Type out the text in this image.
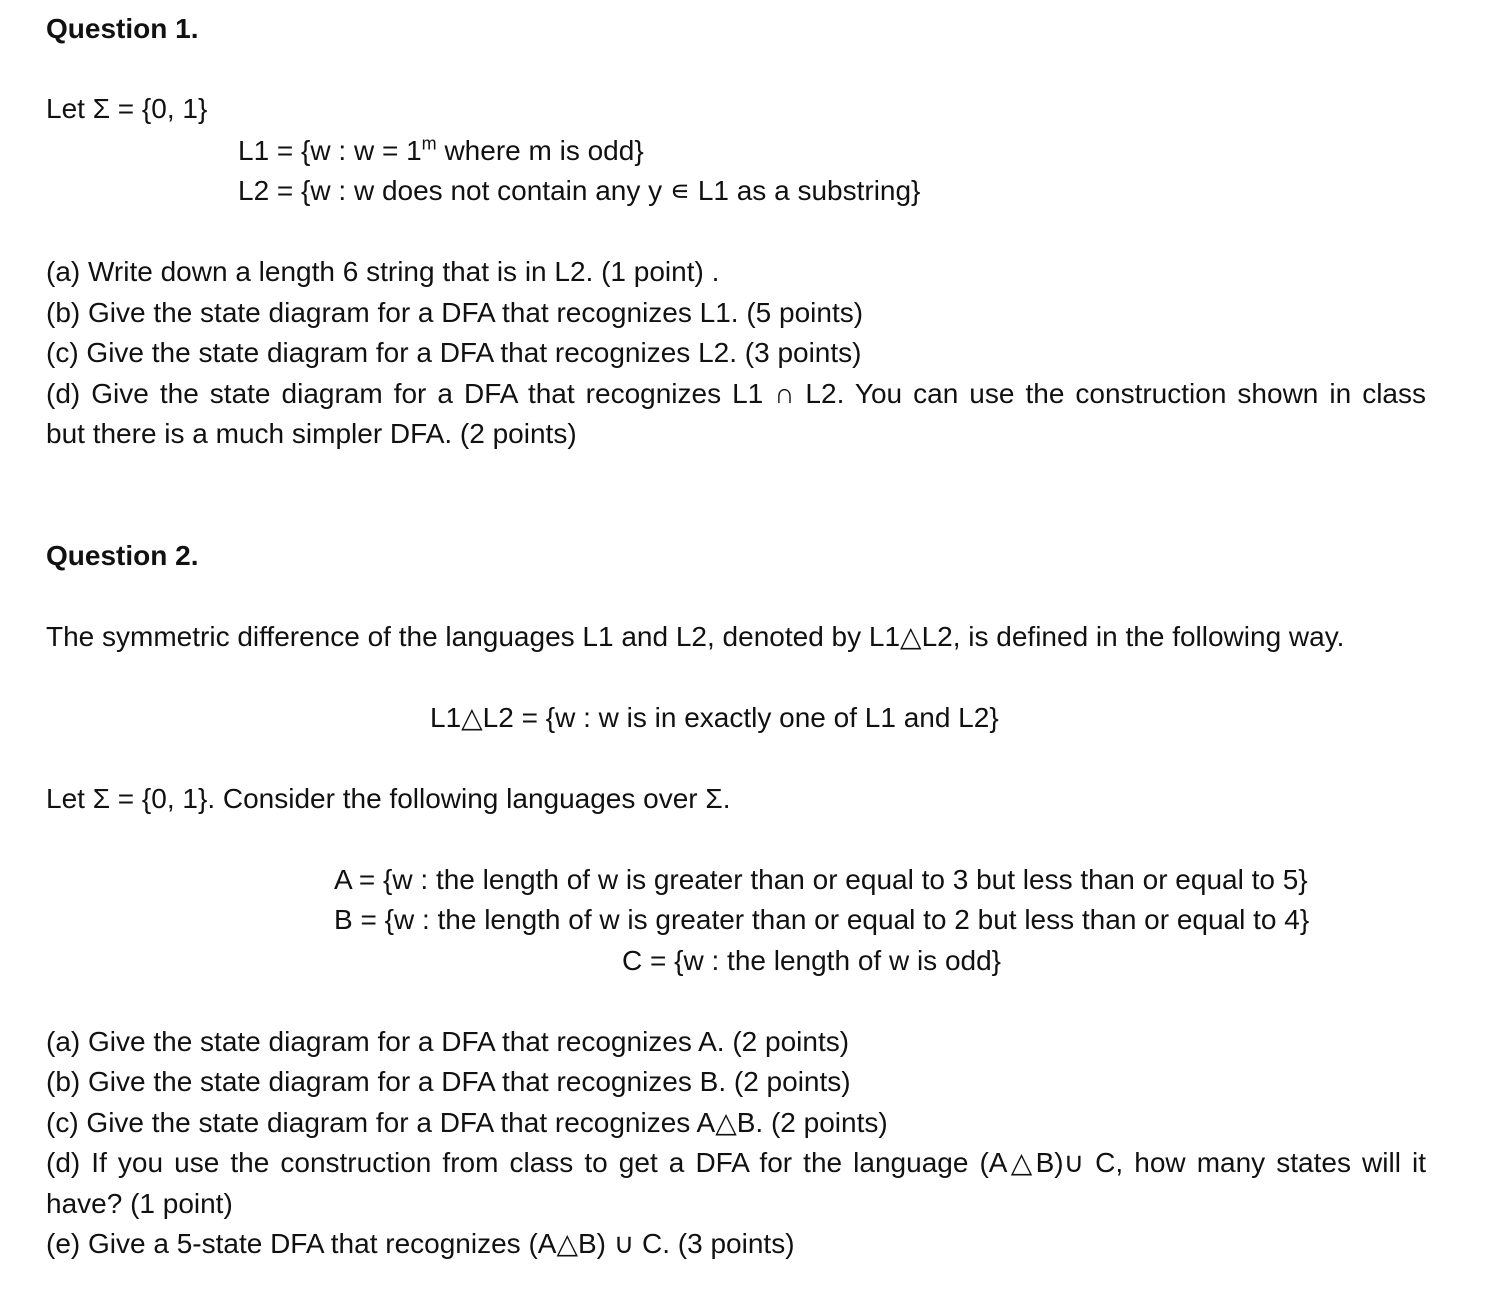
Question 1.
Let Σ = {0, 1}
L1 = {w : $w = 1^m$ where m is odd}
L2 = {w : w does not contain any y ∊ L1 as a substring}
(a) Write down a length 6 string that is in L2. (1 point) .
(b) Give the state diagram for a DFA that recognizes L1. (5 points)
(c) Give the state diagram for a DFA that recognizes L2. (3 points)
(d) Give the state diagram for a DFA that recognizes L1 ∩ L2. You can use the construction shown in class
but there is a much simpler DFA. (2 points)
Question 2.
The symmetric difference of the languages L1 and L2, denoted by L1△L2, is defined in the following way.
L1△L2 = {w : w is in exactly one of L1 and L2}
Let Σ = {0, 1}. Consider the following languages over Σ.
A = {w : the length of w is greater than or equal to 3 but less than or equal to 5}
B = {w : the length of w is greater than or equal to 2 but less than or equal to 4}
C = {w : the length of w is odd}
(a) Give the state diagram for a DFA that recognizes A. (2 points)
(b) Give the state diagram for a DFA that recognizes B. (2 points)
(c) Give the state diagram for a DFA that recognizes A△B. (2 points)
(d) If you use the construction from class to get a DFA for the language (A△B)∪ C, how many states will it
have? (1 point)
(e) Give a 5-state DFA that recognizes (A△B) ∪ C. (3 points)
